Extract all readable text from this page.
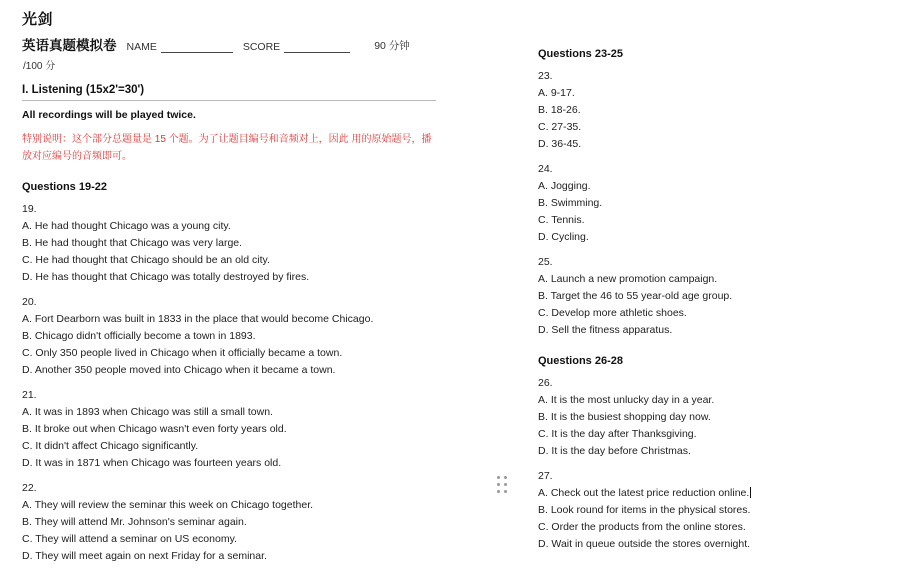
光剑
英语真题模拟卷 NAME	SCORE	90 分钟
/100 分
I. Listening (15x2'=30')
All recordings will be played twice.
特别说明：这个部分总题量是 15 个题。为了让题目编号和音频对上，因此 用的原始题号，播放对应编号的音频即可。
Questions 19-22
19.
A. He had thought Chicago was a young city.
B. He had thought that Chicago was very large.
C. He had thought that Chicago should be an old city.
D. He has thought that Chicago was totally destroyed by fires.
20.
A. Fort Dearborn was built in 1833 in the place that would become Chicago.
B. Chicago didn't officially become a town in 1893.
C. Only 350 people lived in Chicago when it officially became a town.
D. Another 350 people moved into Chicago when it became a town.
21.
A. It was in 1893 when Chicago was still a small town.
B. It broke out when Chicago wasn't even forty years old.
C. It didn't affect Chicago significantly.
D. It was in 1871 when Chicago was fourteen years old.
22.
A. They will review the seminar this week on Chicago together.
B. They will attend Mr. Johnson's seminar again.
C. They will attend a seminar on US economy.
D. They will meet again on next Friday for a seminar.
Questions 23-25
23.
A. 9-17.
B. 18-26.
C. 27-35.
D. 36-45.
24.
A. Jogging.
B. Swimming.
C. Tennis.
D. Cycling.
25.
A. Launch a new promotion campaign.
B. Target the 46 to 55 year-old age group.
C. Develop more athletic shoes.
D. Sell the fitness apparatus.
Questions 26-28
26.
A. It is the most unlucky day in a year.
B. It is the busiest shopping day now.
C. It is the day after Thanksgiving.
D. It is the day before Christmas.
27.
A. Check out the latest price reduction online.
B. Look round for items in the physical stores.
C. Order the products from the online stores.
D. Wait in queue outside the stores overnight.
